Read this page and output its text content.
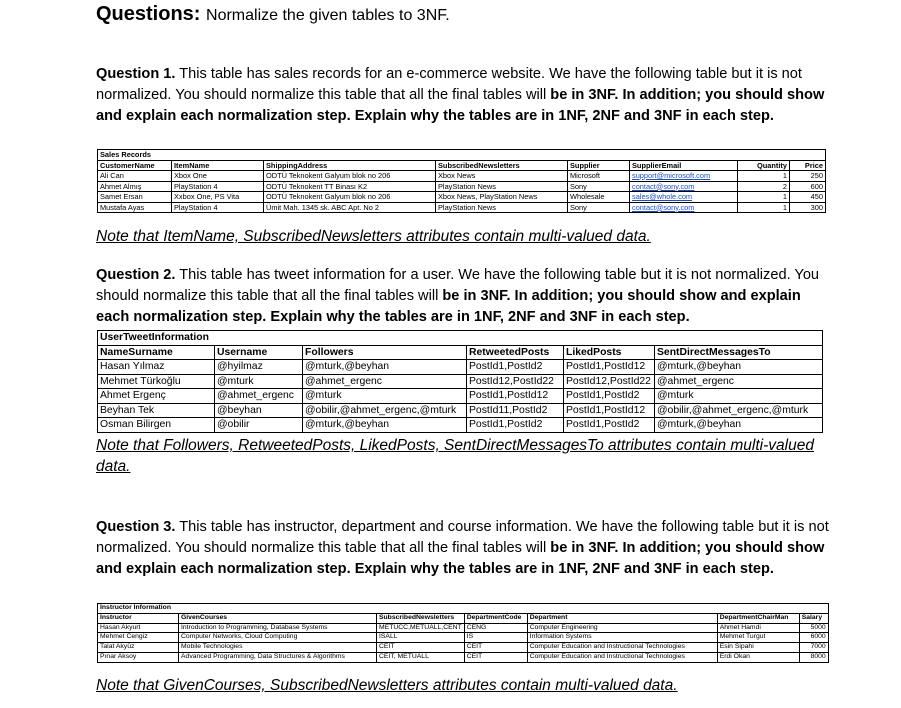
Questions: Normalize the given tables to 3NF.
Question 1. This table has sales records for an e-commerce website. We have the following table but it is not normalized. You should normalize this table that all the final tables will be in 3NF. In addition; you should show and explain each normalization step. Explain why the tables are in 1NF, 2NF and 3NF in each step.
Sales Records							
CustomerName	ItemName	ShippingAddress	SubscribedNewsletters	Supplier	SupplierEmail	Quantity	Price
Ali Can	Xbox One	ODTÜ Teknokent Galyum blok no 206	Xbox News	Microsoft	support@microsoft.com	1	250
Ahmet Almış	PlayStation 4	ODTÜ Teknokent TT Binası K2	PlayStation News	Sony	contact@sony.com	2	600
Samet Ersan	Xxbox One, PS Vita	ODTÜ Teknokent Galyum blok no 206	Xbox News, PlayStation News	Wholesale	sales@whole.com	1	450
Mustafa Ayas	PlayStation 4	Ümit Mah. 1345 sk. ABC Apt. No 2	PlayStation News	Sony	contact@sony.com	1	300
Note that ItemName, SubscribedNewsletters attributes contain multi-valued data.
Question 2. This table has tweet information for a user. We have the following table but it is not normalized. You should normalize this table that all the final tables will be in 3NF. In addition; you should show and explain each normalization step. Explain why the tables are in 1NF, 2NF and 3NF in each step.
UserTweetInformation					
NameSurname	Username	Followers	RetweetedPosts	LikedPosts	SentDirectMessagesTo
Hasan Yılmaz	@hyilmaz	@mturk,@beyhan	PostId1,PostId2	PostId1,PostId12	@mturk,@beyhan
Mehmet Türkoğlu	@mturk	@ahmet_ergenc	PostId12,PostId22	PostId12,PostId22	@ahmet_ergenc
Ahmet Ergenç	@ahmet_ergenc	@mturk	PostId1,PostId12	PostId1,PostId2	@mturk
Beyhan Tek	@beyhan	@obilir,@ahmet_ergenc,@mturk	PostId11,PostId2	PostId1,PostId12	@obilir,@ahmet_ergenc,@mturk
Osman Bilirgen	@obilir	@mturk,@beyhan	PostId1,PostId2	PostId1,PostId2	@mturk,@beyhan
Note that Followers, RetweetedPosts, LikedPosts, SentDirectMessagesTo attributes contain multi-valued data.
Question 3. This table has instructor, department and course information. We have the following table but it is not normalized. You should normalize this table that all the final tables will be in 3NF. In addition; you should show and explain each normalization step. Explain why the tables are in 1NF, 2NF and 3NF in each step.
Instructor Information						
Instructor	GivenCourses	SubscribedNewsletters	DepartmentCode	Department	DepartmentChairMan	Salary
Hasan Akyurt	Introduction to Programming, Database Systems	METUCC,METUALL,CENT	CENG	Computer Engineering	Ahmet Hamdi	5000
Mehmet Cengiz	Computer Networks, Cloud Computing	ISALL	IS	Information Systems	Mehmet Turgut	6000
Talat Akyüz	Mobile Technologies	CEIT	CEIT	Computer Education and Instructional Technologies	Esin Sipahi	7000
Pınar Aksoy	Advanced Programming, Data Structures & Algorithms	CEIT, METUALL	CEIT	Computer Education and Instructional Technologies	Erdi Okan	8000
Note that GivenCourses, SubscribedNewsletters attributes contain multi-valued data.
